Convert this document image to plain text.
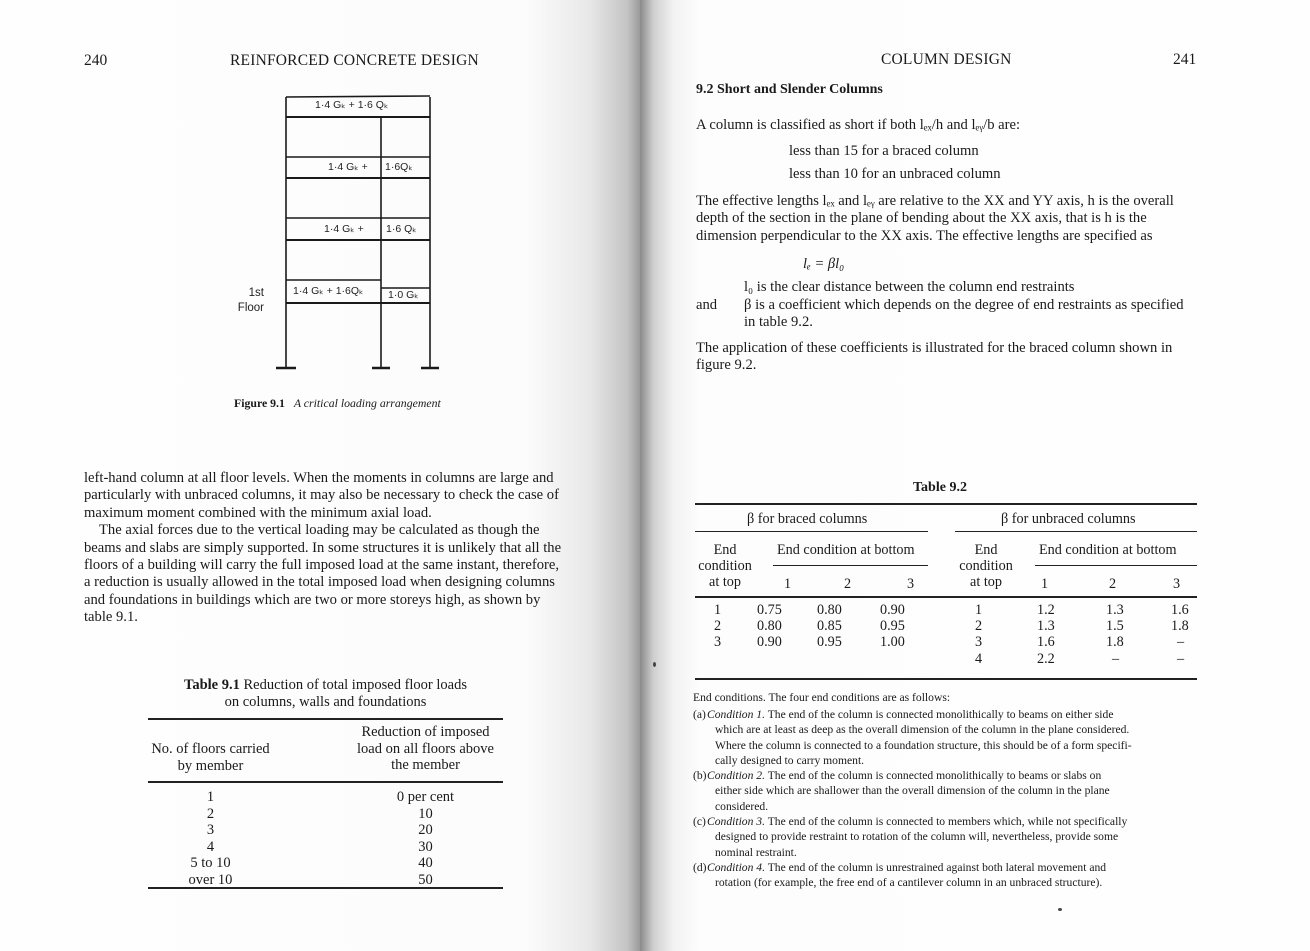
240	REINFORCED CONCRETE DESIGN
1·4 Gₖ + 1·6 Qₖ
1·4 Gₖ + 1·6Qₖ
1·4 Gₖ + 1·6 Qₖ
1·4 Gₖ + 1·6Qₖ 1·0 Gₖ
1st
Floor
Figure 9.1 A critical loading arrangement
left-hand column at all floor levels. When the moments in columns are large and
particularly with unbraced columns, it may also be necessary to check the case of
maximum moment combined with the minimum axial load.
The axial forces due to the vertical loading may be calculated as though the
beams and slabs are simply supported. In some structures it is unlikely that all the
floors of a building will carry the full imposed load at the same instant, therefore,
a reduction is usually allowed in the total imposed load when designing columns
and foundations in buildings which are two or more storeys high, as shown by
table 9.1.
Table 9.1 Reduction of total imposed floor loads
on columns, walls and foundations
No. of floors carried
by member
Reduction of imposed
load on all floors above
the member
1	0 per cent
2	10
3	20
4	30
5 to 10	40
over 10	50
COLUMN DESIGN	241
9.2 Short and Slender Columns
A column is classified as short if both lₑₓ/h and lₑᵧ/b are:
less than 15 for a braced column
less than 10 for an unbraced column
The effective lengths lₑₓ and lₑᵧ are relative to the XX and YY axis, h is the overall
depth of the section in the plane of bending about the XX axis, that is h is the
dimension perpendicular to the XX axis. The effective lengths are specified as
lₑ = βl₀
l₀ is the clear distance between the column end restraints
and β is a coefficient which depends on the degree of end restraints as specified
in table 9.2.
The application of these coefficients is illustrated for the braced column shown in
figure 9.2.
Table 9.2
β for braced columns
End
condition
at top
End condition at bottom
1	2	3
β for unbraced columns
End
condition
at top
End condition at bottom
1	2	3
End conditions. The four end conditions are as follows:
1	0.75 0.80	0.90
2	0.80 0.85	0.95
3	0.90 0.95	1.00
1	1.2	1.3	1.6
2	1.3	1.5	1.8
3	1.6	1.8	–
4	2.2	–	–
(a) Condition 1. The end of the column is connected monolithically to beams on either side
which are at least as deep as the overall dimension of the column in the plane considered.
Where the column is connected to a foundation structure, this should be of a form specifi-
cally designed to carry moment.
(b) Condition 2. The end of the column is connected monolithically to beams or slabs on
either side which are shallower than the overall dimension of the column in the plane
considered.
(c) Condition 3. The end of the column is connected to members which, while not specifically
designed to provide restraint to rotation of the column will, nevertheless, provide some
nominal restraint.
(d) Condition 4. The end of the column is unrestrained against both lateral movement and
rotation (for example, the free end of a cantilever column in an unbraced structure).
